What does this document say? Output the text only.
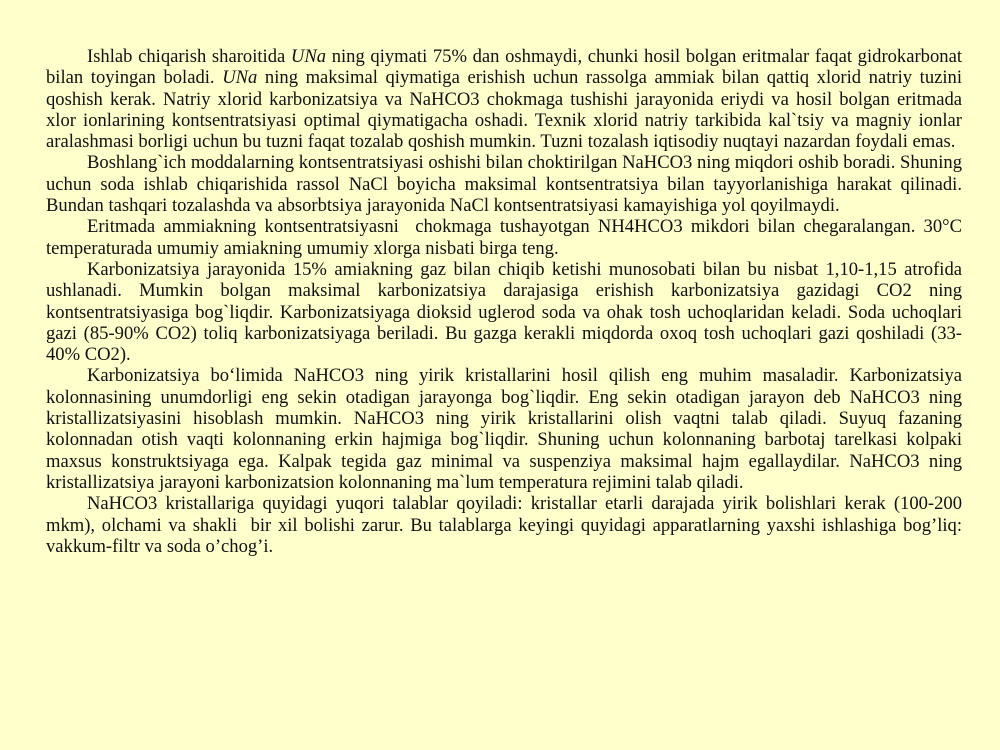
Ishlab chiqarish sharoitida UNa ning qiymati 75% dan oshmaydi, chunki hosil bolgan eritmalar faqat gidrokarbonat bilan toyingan boladi. UNa ning maksimal qiymatiga erishish uchun rassolga ammiak bilan qattiq xlorid natriy tuzini qoshish kerak. Natriy xlorid karbonizatsiya va NaHCO3 chokmaga tushishi jarayonida eriydi va hosil bolgan eritmada xlor ionlarining kontsentratsiyasi optimal qiymatigacha oshadi. Texnik xlorid natriy tarkibida kal`tsiy va magniy ionlar aralashmasi borligi uchun bu tuzni faqat tozalab qoshish mumkin. Tuzni tozalash iqtisodiy nuqtayi nazardan foydali emas.

Boshlang`ich moddalarning kontsentratsiyasi oshishi bilan choktirilgan NaHCO3 ning miqdori oshib boradi. Shuning uchun soda ishlab chiqarishida rassol NaCl boyicha maksimal kontsentratsiya bilan tayyorlanishiga harakat qilinadi. Bundan tashqari tozalashda va absorbtsiya jarayonida NaCl kontsentratsiyasi kamayishiga yol qoyilmaydi.

Eritmada ammiakning kontsentratsiyasni  chokmaga tushayotgan NH4HCO3 mikdori bilan chegaralangan. 30°C temperaturada umumiy amiakning umumiy xlorga nisbati birga teng.

Karbonizatsiya jarayonida 15% amiakning gaz bilan chiqib ketishi munosobati bilan bu nisbat 1,10-1,15 atrofida ushlanadi. Mumkin bolgan maksimal karbonizatsiya darajasiga erishish karbonizatsiya gazidagi CO2 ning kontsentratsiyasiga bog`liqdir. Karbonizatsiyaga dioksid uglerod soda va ohak tosh uchoqlaridan keladi. Soda uchoqlari gazi (85-90% CO2) toliq karbonizatsiyaga beriladi. Bu gazga kerakli miqdorda oxoq tosh uchoqlari gazi qoshiladi (33-40% CO2).

Karbonizatsiya bo‘limida NaHCO3 ning yirik kristallarini hosil qilish eng muhim masaladir. Karbonizatsiya kolonnasining unumdorligi eng sekin otadigan jarayonga bog`liqdir. Eng sekin otadigan jarayon deb NaHCO3 ning kristallizatsiyasini hisoblash mumkin. NaHCO3 ning yirik kristallarini olish vaqtni talab qiladi. Suyuq fazaning kolonnadan otish vaqti kolonnaning erkin hajmiga bog`liqdir. Shuning uchun kolonnaning barbotaj tarelkasi kolpaki maxsus konstruktsiyaga ega. Kalpak tegida gaz minimal va suspenziya maksimal hajm egallaydilar. NaHCO3 ning kristallizatsiya jarayoni karbonizatsion kolonnaning ma`lum temperatura rejimini talab qiladi.

NaHCO3 kristallariga quyidagi yuqori talablar qoyiladi: kristallar etarli darajada yirik bolishlari kerak (100-200 mkm), olchami va shakli  bir xil bolishi zarur. Bu talablarga keyingi quyidagi apparatlarning yaxshi ishlashiga bog’liq: vakkum-filtr va soda o’chog’i.
